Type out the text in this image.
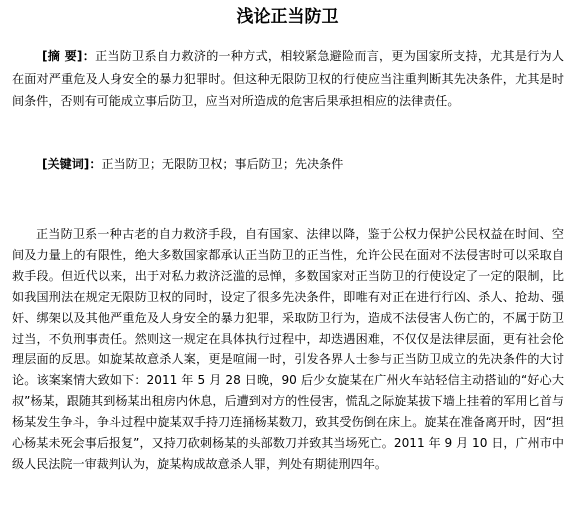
浅论正当防卫

[摘 要]：正当防卫系自力救济的一种方式，相较紧急避险而言，更为国家所支持，尤其是行为人在面对严重危及人身安全的暴力犯罪时。但这种无限防卫权的行使应当注重判断其先决条件，尤其是时间条件，否则有可能成立事后防卫，应当对所造成的危害后果承担相应的法律责任。

[关键词]：正当防卫；无限防卫权；事后防卫；先决条件

正当防卫系一种古老的自力救济手段，自有国家、法律以降，鉴于公权力保护公民权益在时间、空间及力量上的有限性，绝大多数国家都承认正当防卫的正当性，允许公民在面对不法侵害时可以采取自救手段。但近代以来，出于对私力救济泛滥的忌惮，多数国家对正当防卫的行使设定了一定的限制，比如我国刑法在规定无限防卫权的同时，设定了很多先决条件，即唯有对正在进行行凶、杀人、抢劫、强奸、绑架以及其他严重危及人身安全的暴力犯罪，采取防卫行为，造成不法侵害人伤亡的，不属于防卫过当，不负刑事责任。然则这一规定在具体执行过程中，却迭遇困难，不仅仅是法律层面，更有社会伦理层面的反思。如旋某故意杀人案，更是喧闹一时，引发各界人士参与正当防卫成立的先决条件的大讨论。该案案情大致如下：2011 年 5 月 28 日晚，90 后少女旋某在广州火车站轻信主动搭讪的“好心大叔”杨某，跟随其到杨某出租房内休息，后遭到对方的性侵害，慌乱之际旋某拔下墙上挂着的军用匕首与杨某发生争斗，争斗过程中旋某双手持刀连捅杨某数刀，致其受伤倒在床上。旋某在准备离开时，因“担心杨某未死会事后报复”，又持刀砍刺杨某的头部数刀并致其当场死亡。2011 年 9 月 10 日，广州市中级人民法院一审裁判认为，旋某构成故意杀人罪，判处有期徒刑四年。
